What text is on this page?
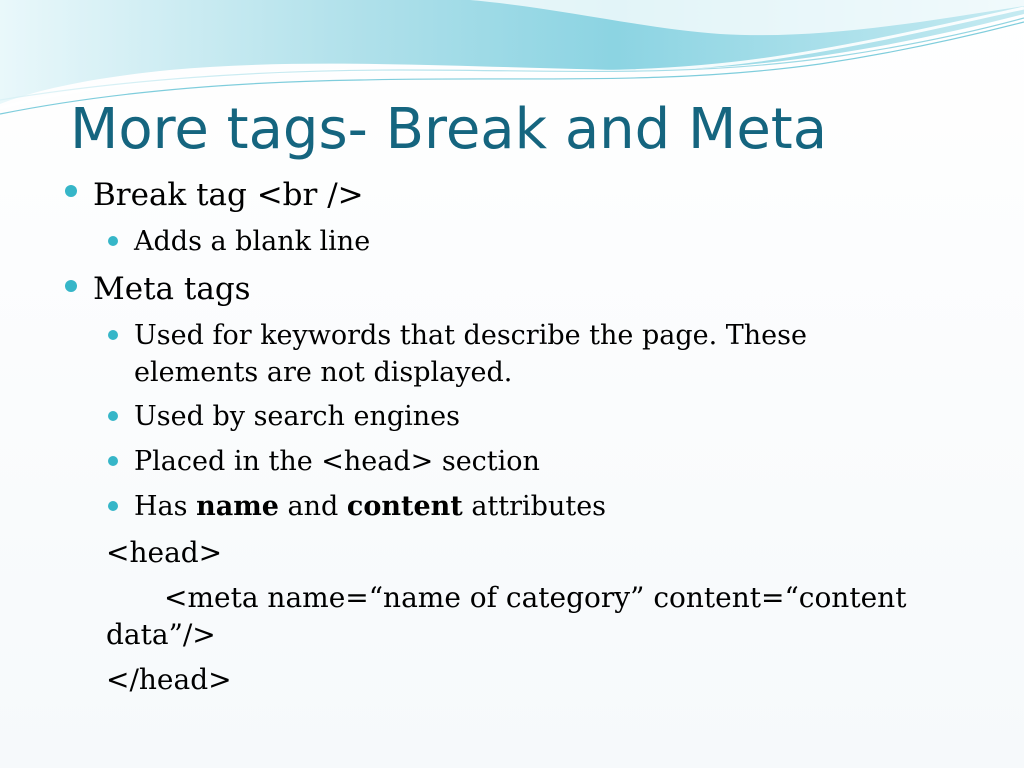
More tags- Break and Meta
Break tag <br />
Adds a blank line
Meta tags
Used for keywords that describe the page. These
elements are not displayed.
Used by search engines
Placed in the <head> section
Has name and content attributes
<head>
<meta name=“name of category” content=“content
data”/>
</head>
